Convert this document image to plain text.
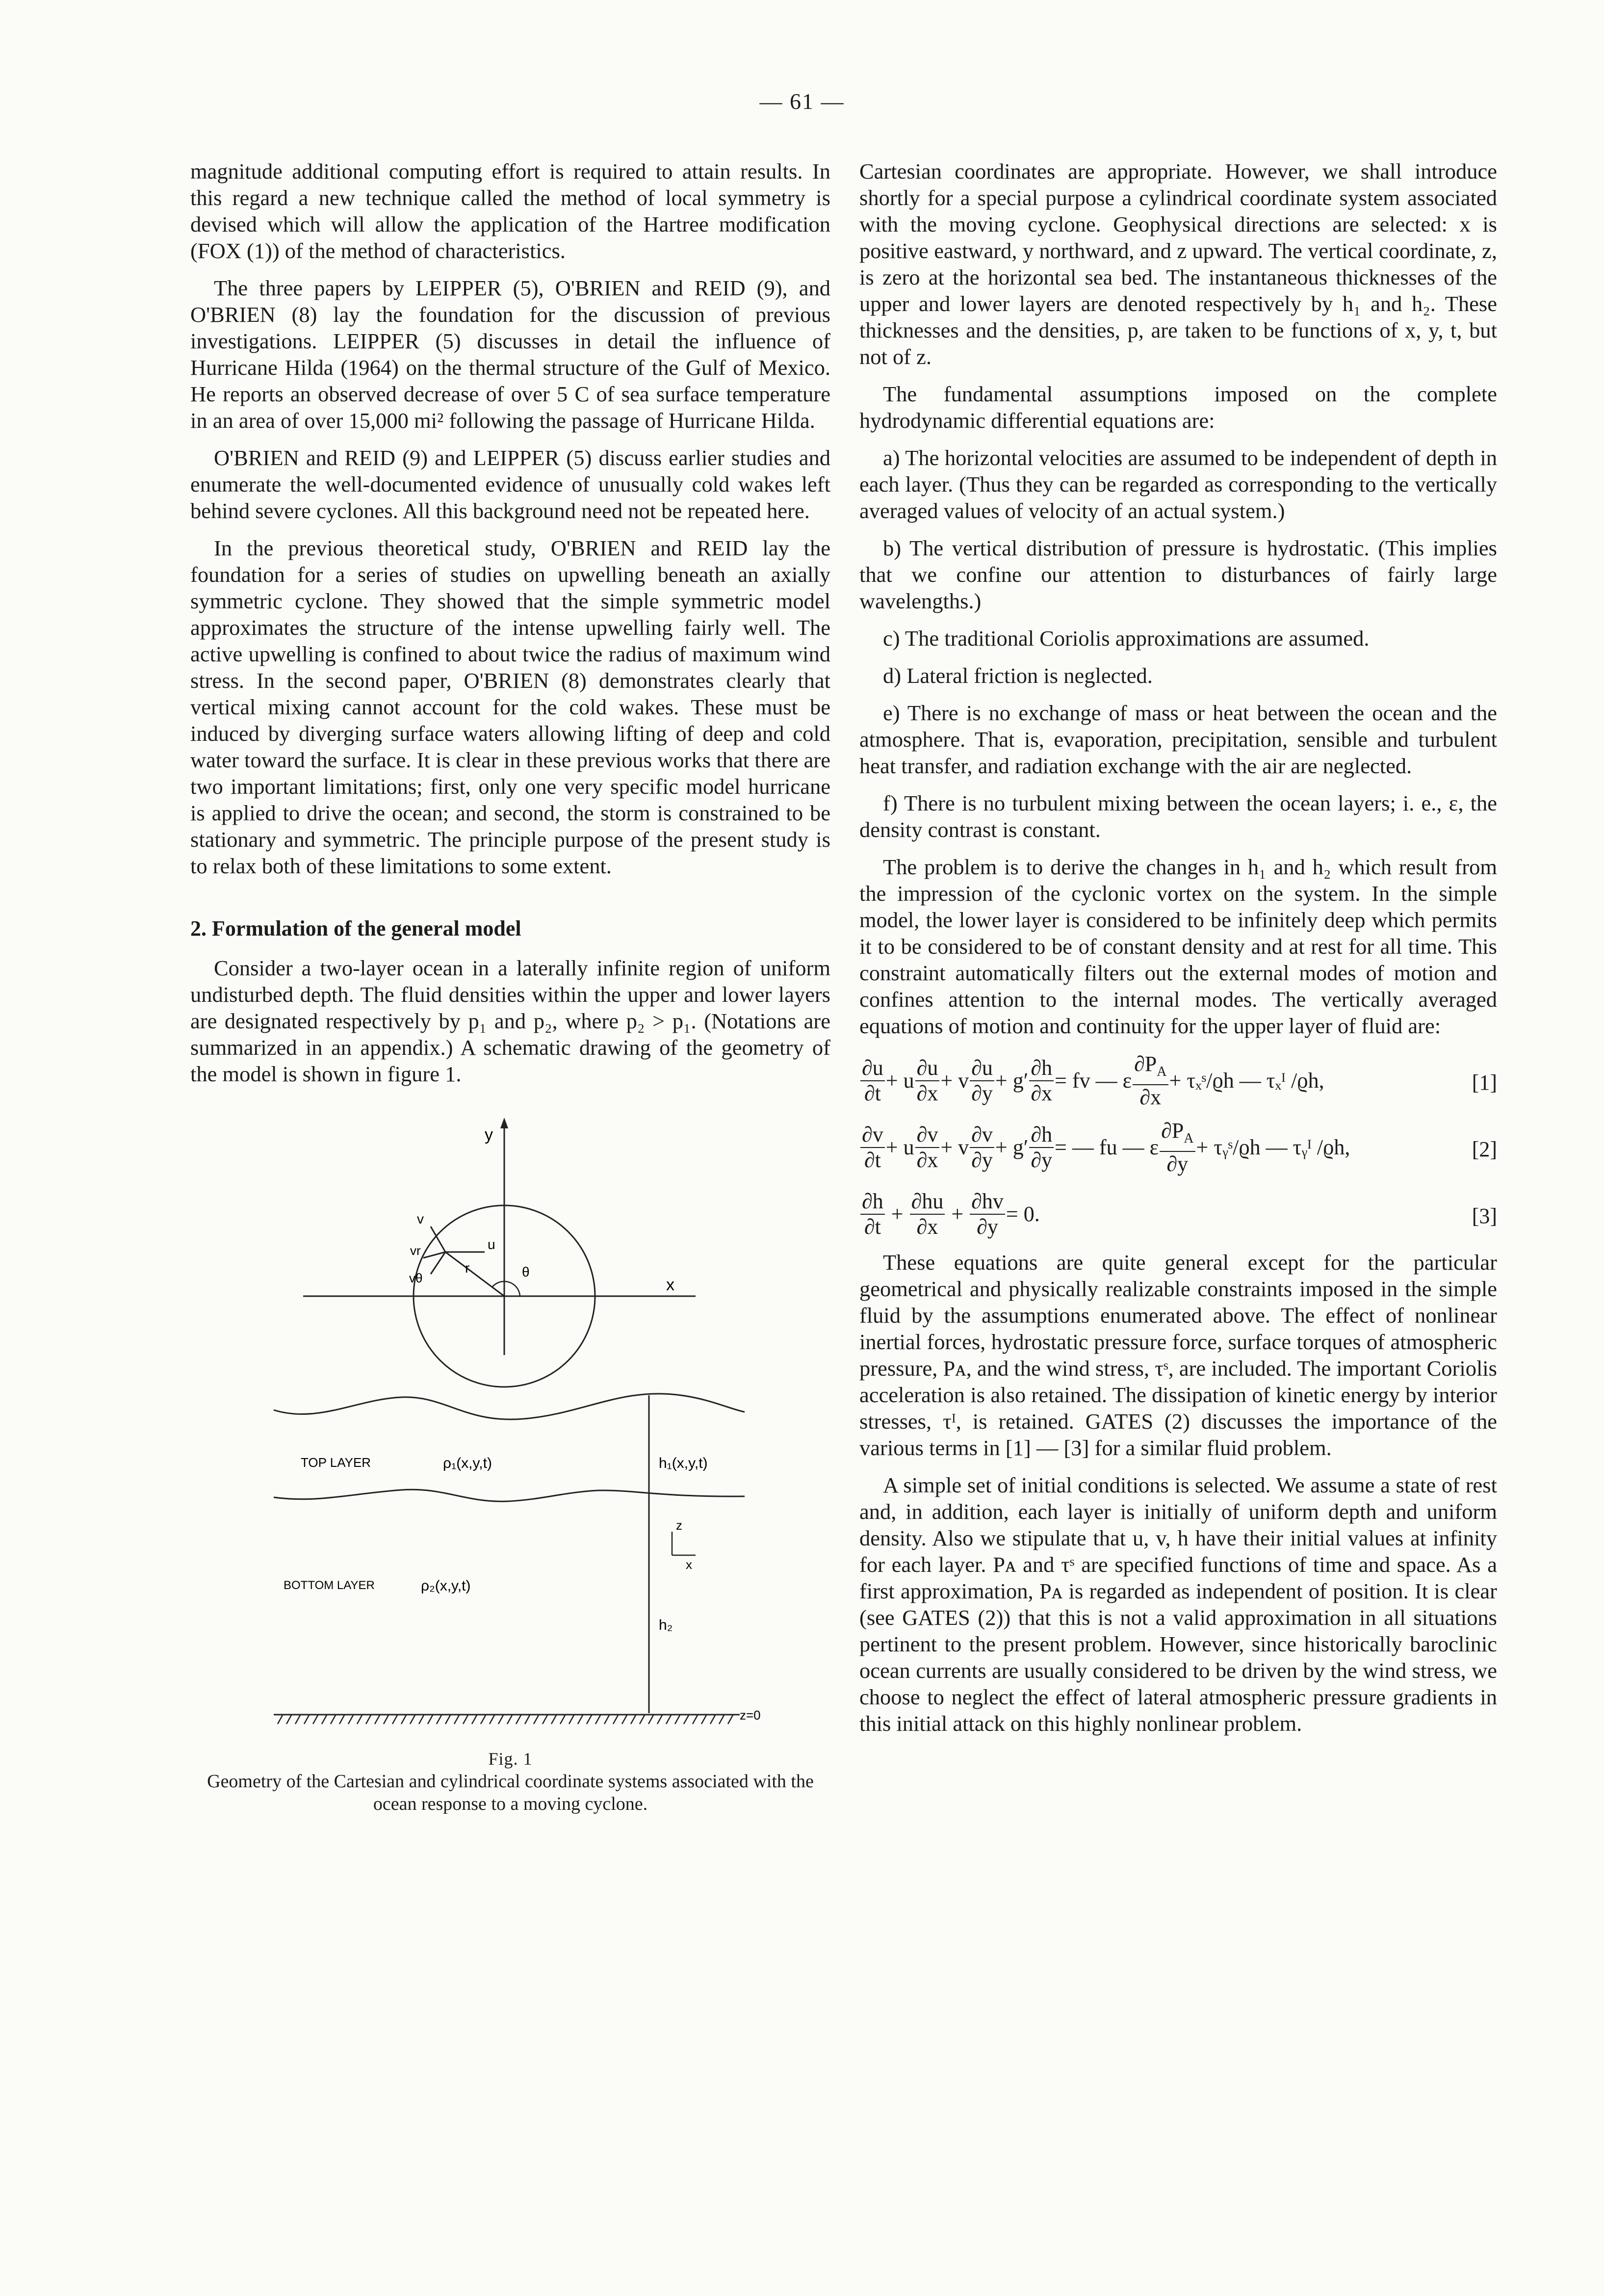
— 61 —

magnitude additional computing effort is required to attain results. In this regard a new technique called the method of local symmetry is devised which will allow the application of the Hartree modification (FOX (1)) of the method of characteristics.

The three papers by LEIPPER (5), O'BRIEN and REID (9), and O'BRIEN (8) lay the foundation for the discussion of previous investigations. LEIPPER (5) discusses in detail the influence of Hurricane Hilda (1964) on the thermal structure of the Gulf of Mexico. He reports an observed decrease of over 5 C of sea surface temperature in an area of over 15,000 mi² following the passage of Hurricane Hilda.

O'BRIEN and REID (9) and LEIPPER (5) discuss earlier studies and enumerate the well-documented evidence of unusually cold wakes left behind severe cyclones. All this background need not be repeated here.

In the previous theoretical study, O'BRIEN and REID lay the foundation for a series of studies on upwelling beneath an axially symmetric cyclone. They showed that the simple symmetric model approximates the structure of the intense upwelling fairly well. The active upwelling is confined to about twice the radius of maximum wind stress. In the second paper, O'BRIEN (8) demonstrates clearly that vertical mixing cannot account for the cold wakes. These must be induced by diverging surface waters allowing lifting of deep and cold water toward the surface. It is clear in these previous works that there are two important limitations; first, only one very specific model hurricane is applied to drive the ocean; and second, the storm is constrained to be stationary and symmetric. The principle purpose of the present study is to relax both of these limitations to some extent.

2. Formulation of the general model

Consider a two-layer ocean in a laterally infinite region of uniform undisturbed depth. The fluid densities within the upper and lower layers are designated respectively by p₁ and p₂, where p₂ > p₁. (Notations are summarized in an appendix.) A schematic drawing of the geometry of the model is shown in figure 1.

y
x
v
vr	u
r	θ
vθ
TOP LAYER	ρ₁(x,y,t)	h₁(x,y,t)
BOTTOM LAYER	ρ₂(x,y,t)
z
x
h₂
z=0
Fig. 1
Geometry of the Cartesian and cylindrical coordinate systems associated with the ocean response to a moving cyclone.

Cartesian coordinates are appropriate. However, we shall introduce shortly for a special purpose a cylindrical coordinate system associated with the moving cyclone. Geophysical directions are selected: x is positive eastward, y northward, and z upward. The vertical coordinate, z, is zero at the horizontal sea bed. The instantaneous thicknesses of the upper and lower layers are denoted respectively by h₁ and h₂. These thicknesses and the densities, p, are taken to be functions of x, y, t, but not of z.

The fundamental assumptions imposed on the complete hydrodynamic differential equations are:

a) The horizontal velocities are assumed to be independent of depth in each layer. (Thus they can be regarded as corresponding to the vertically averaged values of velocity of an actual system.)

b) The vertical distribution of pressure is hydrostatic. (This implies that we confine our attention to disturbances of fairly large wavelengths.)

c) The traditional Coriolis approximations are assumed.

d) Lateral friction is neglected.

e) There is no exchange of mass or heat between the ocean and the atmosphere. That is, evaporation, precipitation, sensible and turbulent heat transfer, and radiation exchange with the air are neglected.

f) There is no turbulent mixing between the ocean layers; i. e., ε, the density contrast is constant.

The problem is to derive the changes in h₁ and h₂ which result from the impression of the cyclonic vortex on the system. In the simple model, the lower layer is considered to be infinitely deep which permits it to be considered to be of constant density and at rest for all time. This constraint automatically filters out the external modes of motion and confines attention to the internal modes. The vertically averaged equations of motion and continuity for the upper layer of fluid are:

$\frac{\partial u}{\partial t} + u \frac{\partial u}{\partial x} + v \frac{\partial u}{\partial y} + g' \frac{\partial h}{\partial x}$ = fv — ε $\frac{\partial P_A}{\partial x}$ + τₓˢ/ϱh — τₓᴵ /ϱh,	[1]
$\frac{\partial v}{\partial t} + u \frac{\partial v}{\partial x} + v \frac{\partial v}{\partial y} + g' \frac{\partial h}{\partial y}$ = — fu — ε $\frac{\partial P_A}{\partial y}$ + τᵧˢ/ϱh — τᵧᴵ /ϱh,	[2]
$\frac{\partial h}{\partial t} + \frac{\partial hu}{\partial x} + \frac{\partial hv}{\partial y} = 0$.	[3]

These equations are quite general except for the particular geometrical and physically realizable constraints imposed in the simple fluid by the assumptions enumerated above. The effect of nonlinear inertial forces, hydrostatic pressure force, surface torques of atmospheric pressure, Pᴀ, and the wind stress, τˢ, are included. The important Coriolis acceleration is also retained. The dissipation of kinetic energy by interior stresses, τᴵ, is retained. GATES (2) discusses the importance of the various terms in [1] — [3] for a similar fluid problem.

A simple set of initial conditions is selected. We assume a state of rest and, in addition, each layer is initially of uniform depth and uniform density. Also we stipulate that u, v, h have their initial values at infinity for each layer. Pᴀ and τˢ are specified functions of time and space. As a first approximation, Pᴀ is regarded as independent of position. It is clear (see GATES (2)) that this is not a valid approximation in all situations pertinent to the present problem. However, since historically baroclinic ocean currents are usually considered to be driven by the wind stress, we choose to neglect the effect of lateral atmospheric pressure gradients in this initial attack on this highly nonlinear problem.
